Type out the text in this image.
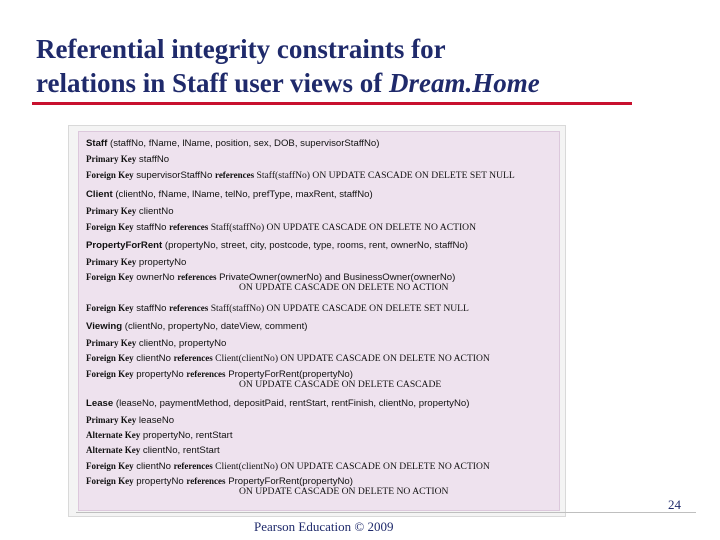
Referential integrity constraints for
relations in Staff user views of Dream.Home
Staff (staffNo, fName, lName, position, sex, DOB, supervisorStaffNo)
Primary Key staffNo
Foreign Key supervisorStaffNo references Staff(staffNo) ON UPDATE CASCADE ON DELETE SET NULL
Client (clientNo, fName, lName, telNo, prefType, maxRent, staffNo)
Primary Key clientNo
Foreign Key staffNo references Staff(staffNo) ON UPDATE CASCADE ON DELETE NO ACTION
PropertyForRent (propertyNo, street, city, postcode, type, rooms, rent, ownerNo, staffNo)
Primary Key propertyNo
Foreign Key ownerNo references PrivateOwner(ownerNo) and BusinessOwner(ownerNo)
ON UPDATE CASCADE ON DELETE NO ACTION
Foreign Key staffNo references Staff(staffNo) ON UPDATE CASCADE ON DELETE SET NULL
Viewing (clientNo, propertyNo, dateView, comment)
Primary Key clientNo, propertyNo
Foreign Key clientNo references Client(clientNo) ON UPDATE CASCADE ON DELETE NO ACTION
Foreign Key propertyNo references PropertyForRent(propertyNo)
ON UPDATE CASCADE ON DELETE CASCADE
Lease (leaseNo, paymentMethod, depositPaid, rentStart, rentFinish, clientNo, propertyNo)
Primary Key leaseNo
Alternate Key propertyNo, rentStart
Alternate Key clientNo, rentStart
Foreign Key clientNo references Client(clientNo) ON UPDATE CASCADE ON DELETE NO ACTION
Foreign Key propertyNo references PropertyForRent(propertyNo)
ON UPDATE CASCADE ON DELETE NO ACTION
24
Pearson Education © 2009
